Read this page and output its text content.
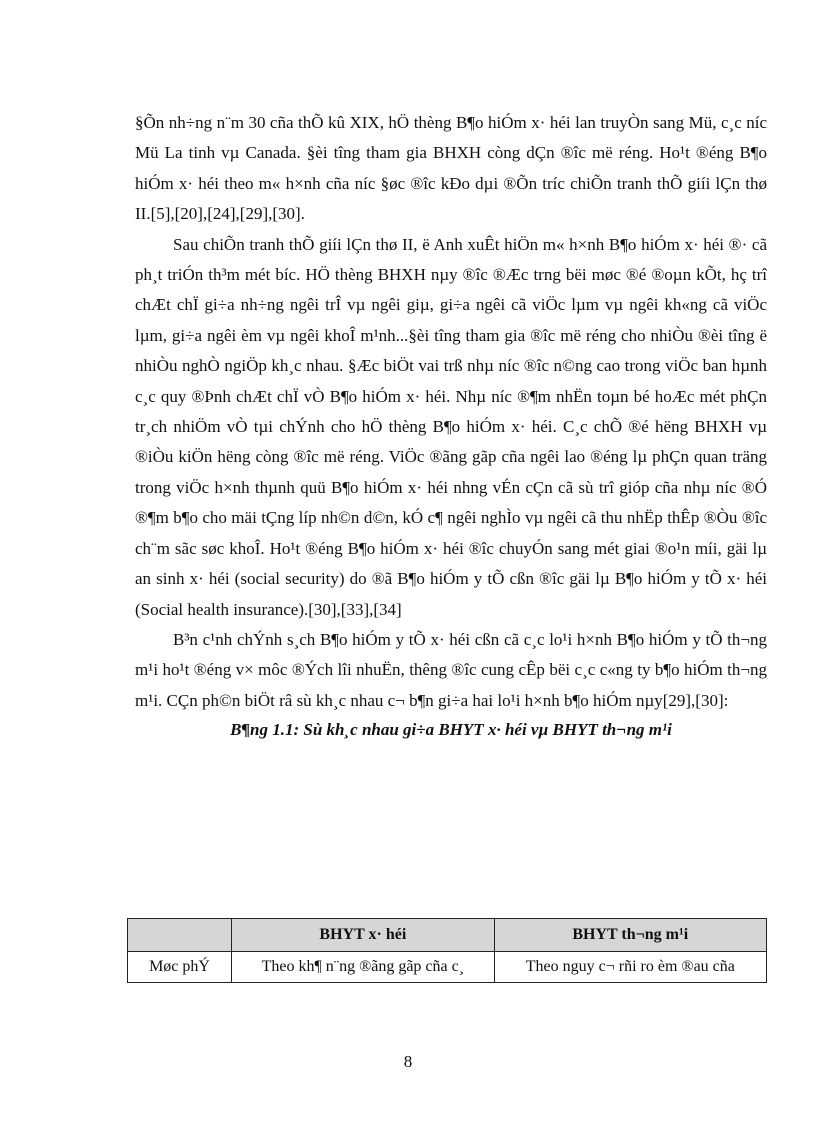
§Õn nh÷ng n¨m 30 cña thÕ kû XIX, hÖ thèng B¶o hiÓm x· héi lan truyÒn sang Mü, c¸c níc Mü La tinh vµ Canada. §èi tîng tham gia BHXH còng dÇn ®îc më réng. Ho¹t ®éng B¶o hiÓm x· héi theo m« h×nh cña níc §øc ®îc kÐo dµi ®Õn tríc chiÕn tranh thÕ giíi lÇn thø II.[5],[20],[24],[29],[30].

Sau chiÕn tranh thÕ giíi lÇn thø II, ë Anh xuÊt hiÖn m« h×nh B¶o hiÓm x· héi ®· cã ph¸t triÓn th³m mét bíc. HÖ thèng BHXH nµy ®îc ®Æc trng bëi møc ®é ®oµn kÕt, hç trî chÆt chÏ gi÷a nh÷ng ngêi trÎ vµ ngêi giµ, gi÷a ngêi cã viÖc lµm vµ ngêi kh«ng cã viÖc lµm, gi÷a ngêi èm vµ ngêi khoÎ m¹nh...§èi tîng tham gia ®îc më réng cho nhiÒu ®èi tîng ë nhiÒu nghÒ ngiÖp kh¸c nhau. §Æc biÖt vai trß nhµ níc ®îc n©ng cao trong viÖc ban hµnh c¸c quy ®Þnh chÆt chÏ vÒ B¶o hiÓm x· héi. Nhµ níc ®¶m nhËn toµn bé hoÆc mét phÇn tr¸ch nhiÖm vÒ tµi chÝnh cho hÖ thèng B¶o hiÓm x· héi. C¸c chÕ ®é hëng BHXH vµ ®iÒu kiÖn hëng còng ®îc më réng. ViÖc ®ãng gãp cña ngêi lao ®éng lµ phÇn quan träng trong viÖc h×nh thµnh quü B¶o hiÓm x· héi nhng vÉn cÇn cã sù trî gióp cña nhµ níc ®Ó ®¶m b¶o cho mäi tÇng líp nh©n d©n, kÓ c¶ ngêi nghÌo vµ ngêi cã thu nhËp thÊp ®Òu ®îc ch¨m sãc søc khoÎ. Ho¹t ®éng B¶o hiÓm x· héi ®îc chuyÓn sang mét giai ®o¹n míi, gäi lµ an sinh x· héi (social security) do ®ã B¶o hiÓm y tÕ cßn ®îc gäi lµ B¶o hiÓm y tÕ x· héi (Social health insurance).[30],[33],[34]

B³n c¹nh chÝnh s¸ch B¶o hiÓm y tÕ x· héi cßn cã c¸c lo¹i h×nh B¶o hiÓm y tÕ th¬ng m¹i ho¹t ®éng v× môc ®Ých lîi nhuËn, thêng ®îc cung cÊp bëi c¸c c«ng ty b¶o hiÓm th¬ng m¹i. CÇn ph©n biÖt râ sù kh¸c nhau c¬ b¶n gi÷a hai lo¹i h×nh b¶o hiÓm nµy[29],[30]:

B¶ng 1.1: Sù kh¸c nhau gi÷a BHYT x· héi vµ BHYT th¬ng m¹i

	BHYT x· héi	BHYT th¬ng m¹i
Møc phÝ	Theo kh¶ n¨ng ®ãng gãp cña c¸	Theo nguy c¬ rñi ro èm ®au cña
8
